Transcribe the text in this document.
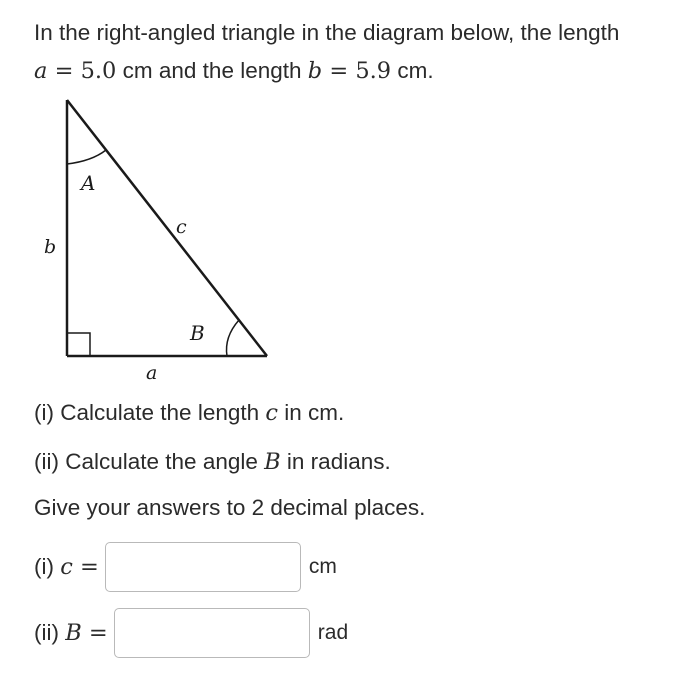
In the right-angled triangle in the diagram below, the length
a = 5.0 cm and the length b = 5.9 cm.

A
B
a
b
c

(i) Calculate the length c in cm.

(ii) Calculate the angle B in radians.

Give your answers to 2 decimal places.

(i) c =	cm
(ii) B =	rad
